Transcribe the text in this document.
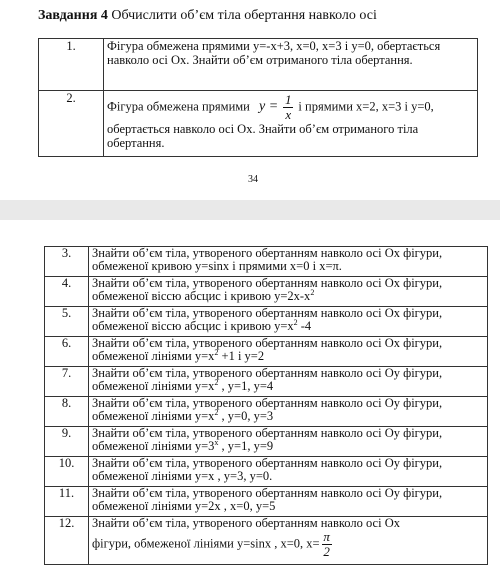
Завдання 4 Обчислити об’єм тіла обертання навколо осі
1.	Фігура обмежена прямими y=-x+3, x=0, x=3 і y=0, обертається навколо осі Ox. Знайти об’єм отриманого тіла обертання.
2.	Фігура обмежена прямими $y = \frac{1}{x}$ і прямими x=2, x=3 і y=0,
обертається навколо осі Ox. Знайти об’єм отриманого тіла обертання.
34
3.	Знайти об’єм тіла, утвореного обертанням навколо осі Ox фігури, обмеженої кривою y=sinx і прямими x=0 і x=π.
4.	Знайти об’єм тіла, утвореного обертанням навколо осі Ox фігури, обмеженої віссю абсцис і кривою $y=2x-x^2$
5.	Знайти об’єм тіла, утвореного обертанням навколо осі Ox фігури, обмеженої віссю абсцис і кривою $y=x^2$ -4
6.	Знайти об’єм тіла, утвореного обертанням навколо осі Ox фігури, обмеженої лініями $y=x^2 +1$ і y=2
7.	Знайти об’єм тіла, утвореного обертанням навколо осі Oy фігури, обмеженої лініями $y=x^2$ , y=1, y=4
8.	Знайти об’єм тіла, утвореного обертанням навколо осі Oy фігури, обмеженої лініями $y=x^2$ , y=0, y=3
9.	Знайти об’єм тіла, утвореного обертанням навколо осі Oy фігури, обмеженої лініями $y=3^x$ , y=1, y=9
10.	Знайти об’єм тіла, утвореного обертанням навколо осі Oy фігури, обмеженої лініями y=x , y=3, y=0.
11.	Знайти об’єм тіла, утвореного обертанням навколо осі Oy фігури, обмеженої лініями y=2x , x=0, y=5
12.	Знайти об’єм тіла, утвореного обертанням навколо осі Ox
фігури, обмеженої лініями y=sinx , x=0, $x= \frac{\pi}{2}$
